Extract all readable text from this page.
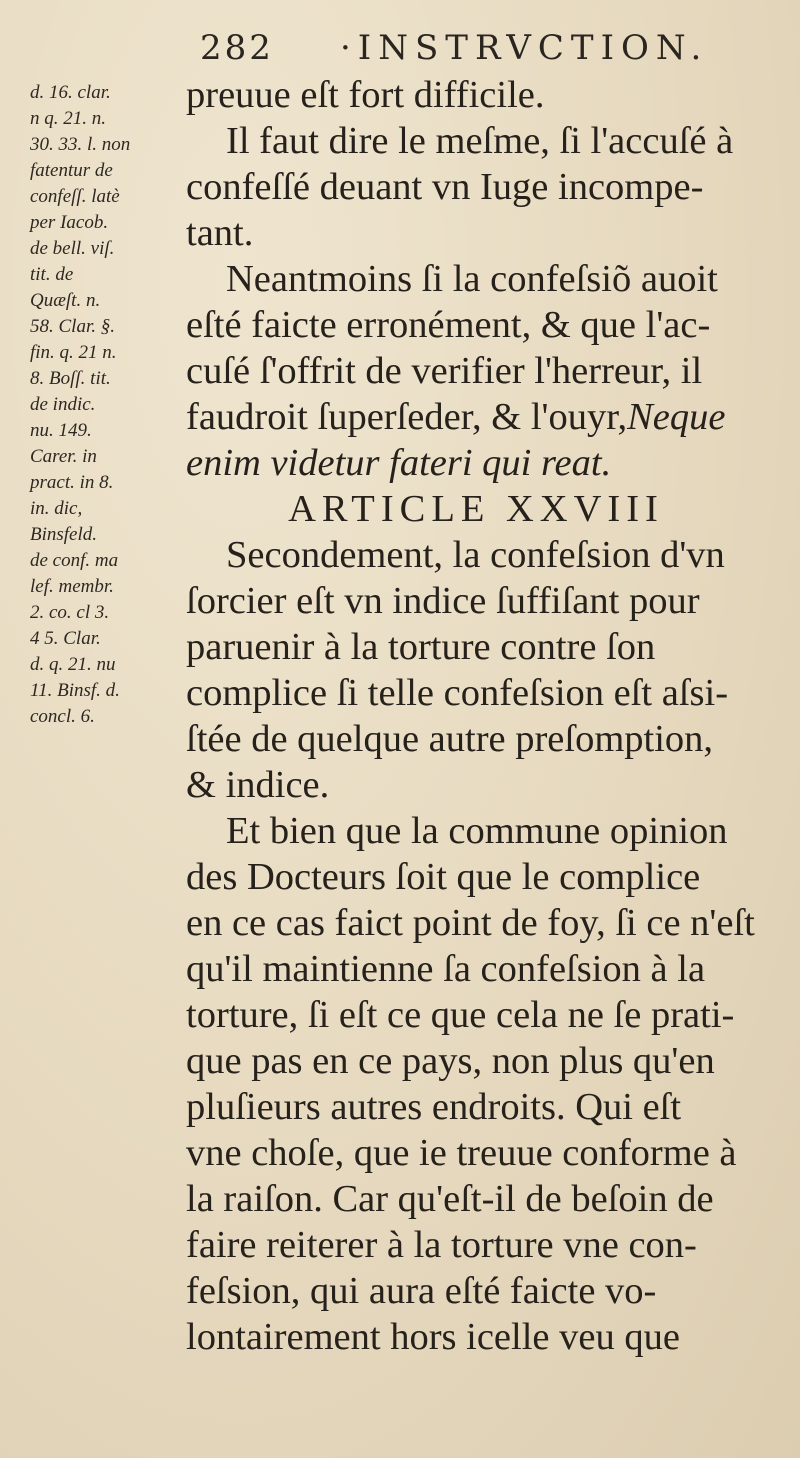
282 ·INSTRVCTION.
d. 16. clar.
n q. 21. n.
30. 33. l. non
fatentur de
confeſſ. latè
per Iacob.
de bell. viſ.
tit. de
Quæſt. n.
58. Clar. §.
fin. q. 21 n.
8. Boſſ. tit.
de indic.
nu. 149.
Carer. in
pract. in 8.
in. dic,
Binsfeld.
de conf. ma
lef. membr.
2. co. cl 3.
4 5. Clar.
d. q. 21. nu
11. Binsf. d.
concl. 6.
preuue eſt fort difficile.
Il faut dire le meſme, ſi l'accuſé à
confeſſé deuant vn Iuge incompe-
tant.
Neantmoins ſi la confeſsiõ auoit
eſté faicte erronément, & que l'ac-
cuſé ſ'offrit de verifier l'herreur, il
faudroit ſuperſeder, & l'ouyr,Neque
enim videtur fateri qui reat.
ARTICLE XXVIII
Secondement, la confeſsion d'vn
ſorcier eſt vn indice ſuffiſant pour
paruenir à la torture contre ſon
complice ſi telle confeſsion eſt aſsi-
ſtée de quelque autre preſomption,
& indice.
Et bien que la commune opinion
des Docteurs ſoit que le complice
en ce cas faict point de foy, ſi ce n'eſt
qu'il maintienne ſa confeſsion à la
torture, ſi eſt ce que cela ne ſe prati-
que pas en ce pays, non plus qu'en
pluſieurs autres endroits. Qui eſt
vne choſe, que ie treuue conforme à
la raiſon. Car qu'eſt-il de beſoin de
faire reiterer à la torture vne con-
feſsion, qui aura eſté faicte vo-
lontairement hors icelle veu que
